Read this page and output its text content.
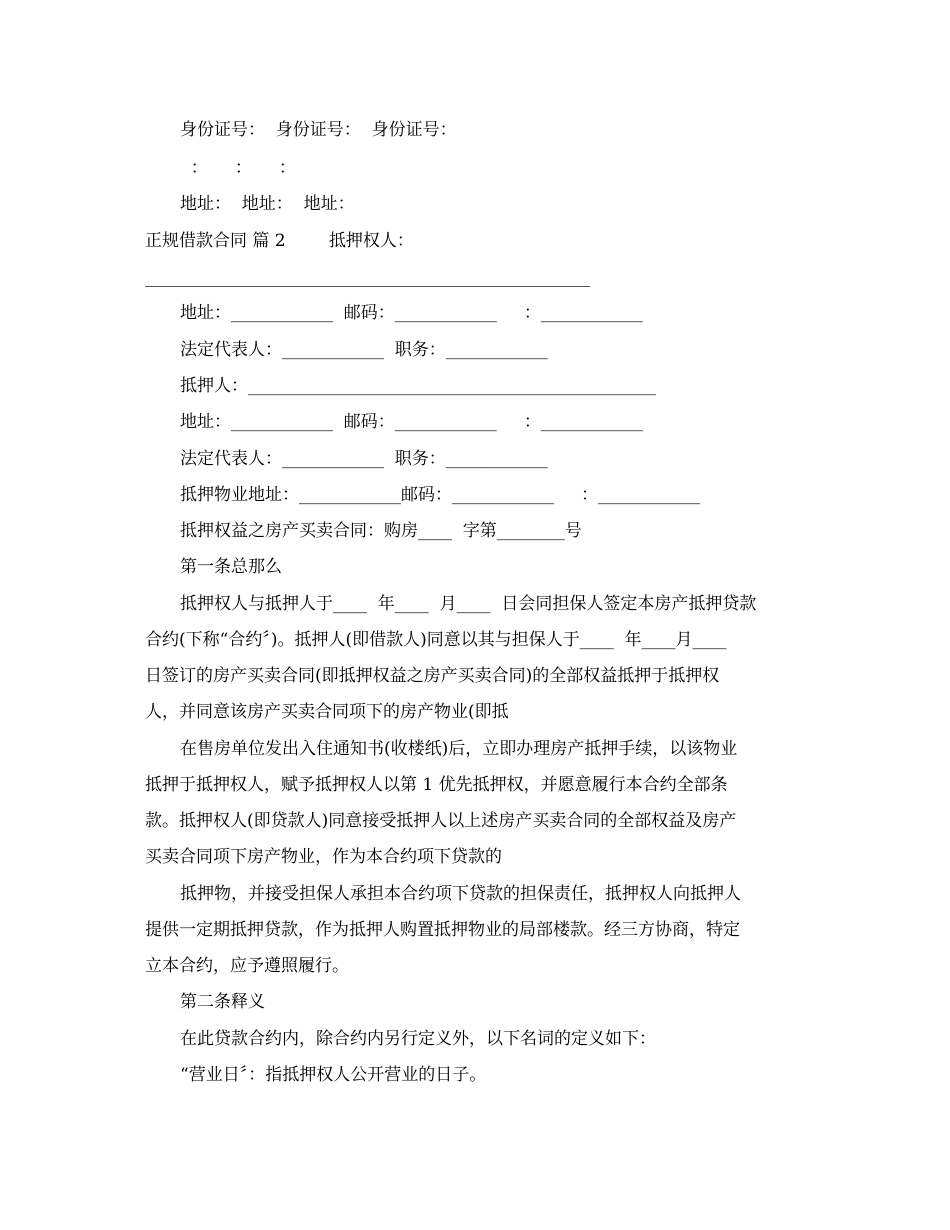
身份证号：  身份证号：  身份证号：
：     ：     ：
地址：  地址：  地址：
正规借款合同 篇 2        抵押权人：
地址：____________  邮码：____________     ：____________
法定代表人：____________  职务：____________
抵押人：________________________________________________
地址：____________  邮码：____________     ：____________
法定代表人：____________  职务：____________
抵押物业地址：____________邮码：____________     ：____________
抵押权益之房产买卖合同：购房____  字第________号
第一条总那么
抵押权人与抵押人于____  年____  月____  日会同担保人签定本房产抵押贷款
合约(下称“合约〞)。抵押人(即借款人)同意以其与担保人于____  年____月____
日签订的房产买卖合同(即抵押权益之房产买卖合同)的全部权益抵押于抵押权
人，并同意该房产买卖合同项下的房产物业(即抵
在售房单位发出入住通知书(收楼纸)后，立即办理房产抵押手续，以该物业
抵押于抵押权人，赋予抵押权人以第 1 优先抵押权，并愿意履行本合约全部条
款。抵押权人(即贷款人)同意接受抵押人以上述房产买卖合同的全部权益及房产
买卖合同项下房产物业，作为本合约项下贷款的
抵押物，并接受担保人承担本合约项下贷款的担保责任，抵押权人向抵押人
提供一定期抵押贷款，作为抵押人购置抵押物业的局部楼款。经三方协商，特定
立本合约，应予遵照履行。
第二条释义
在此贷款合约内，除合约内另行定义外，以下名词的定义如下：
“营业日〞：指抵押权人公开营业的日子。
